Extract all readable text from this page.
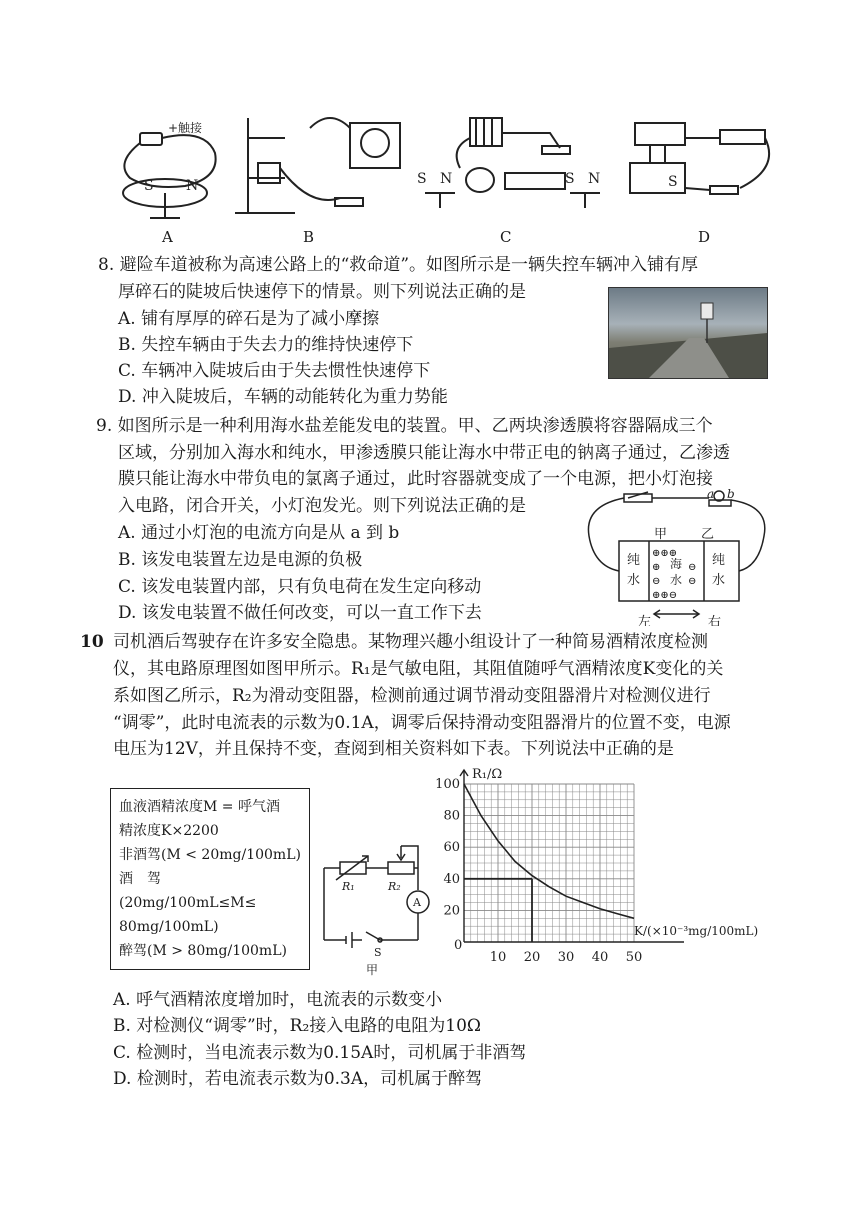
S N
+触接
S N	S N	S
A	B	C	D
8. 避险车道被称为高速公路上的“救命道”。如图所示是一辆失控车辆冲入铺有厚
厚碎石的陡坡后快速停下的情景。则下列说法正确的是
A. 铺有厚厚的碎石是为了减小摩擦
B. 失控车辆由于失去力的维持快速停下
C. 车辆冲入陡坡后由于失去惯性快速停下
D. 冲入陡坡后，车辆的动能转化为重力势能
9. 如图所示是一种利用海水盐差能发电的装置。甲、乙两块渗透膜将容器隔成三个
区域，分别加入海水和纯水，甲渗透膜只能让海水中带正电的钠离子通过，乙渗透
膜只能让海水中带负电的氯离子通过，此时容器就变成了一个电源，把小灯泡接
入电路，闭合开关，小灯泡发光。则下列说法正确的是
A. 通过小灯泡的电流方向是从 a 到 b
B. 该发电装置左边是电源的负极
C. 该发电装置内部，只有负电荷在发生定向移动
D. 该发电装置不做任何改变，可以一直工作下去
甲	乙
纯
水
海
水
⊕⊕⊕
⊕	⊖
⊖	⊖
⊕⊕⊖
纯
水
左	右
a b
10 司机酒后驾驶存在许多安全隐患。某物理兴趣小组设计了一种简易酒精浓度检测
仪，其电路原理图如图甲所示。R₁是气敏电阻，其阻值随呼气酒精浓度K变化的关
系如图乙所示，R₂为滑动变阻器，检测前通过调节滑动变阻器滑片对检测仪进行
“调零”，此时电流表的示数为0.1A，调零后保持滑动变阻器滑片的位置不变，电源
电压为12V，并且保持不变，查阅到相关资料如下表。下列说法中正确的是
血液酒精浓度M = 呼气酒
精浓度K×2200
非酒驾(M < 20mg/100mL)
酒　驾 (20mg/100mL≤M≤
80mg/100mL)
醉驾(M > 80mg/100mL)
R₁	R₂
A
S
甲
20
40
60
80
100
10 20 30 40 50
R₁/Ω
K/(×10⁻³mg/100mL)
0
A. 呼气酒精浓度增加时，电流表的示数变小
B. 对检测仪“调零”时，R₂接入电路的电阻为10Ω
C. 检测时，当电流表示数为0.15A时，司机属于非酒驾
D. 检测时，若电流表示数为0.3A，司机属于醉驾
